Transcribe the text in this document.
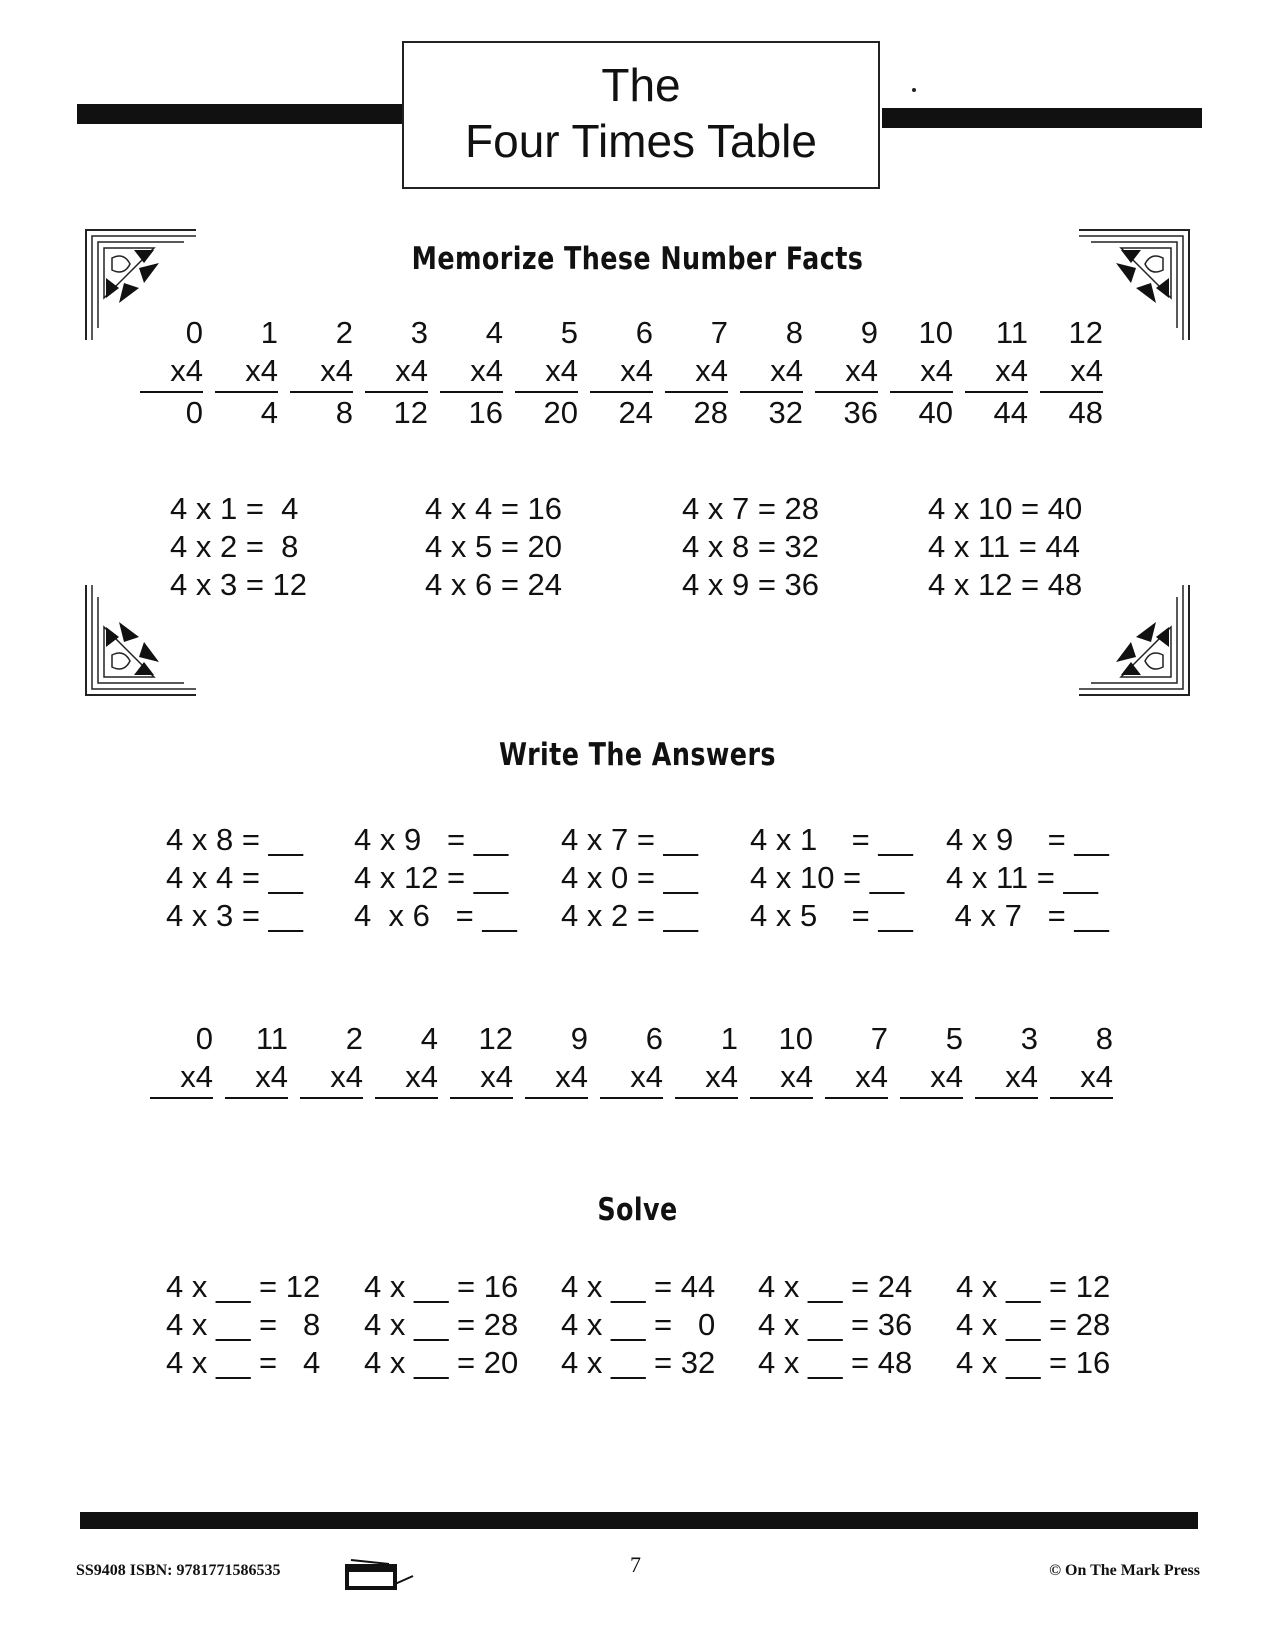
The
Four Times Table
Memorize These Number Facts
0
x4
0
1
x4
4
2
x4
8
3
x4
12
4
x4
16
5
x4
20
6
x4
24
7
x4
28
8
x4
32
9
x4
36
10
x4
40
11
x4
44
12
x4
48
4 x 1 =  4
4 x 2 =  8
4 x 3 = 12
4 x 4 = 16
4 x 5 = 20
4 x 6 = 24
4 x 7 = 28
4 x 8 = 32
4 x 9 = 36
4 x 10 = 40
4 x 11 = 44
4 x 12 = 48
Write The Answers
4 x 8 = __
4 x 4 = __
4 x 3 = __
4 x 9   = __
4 x 12 = __
4  x 6   = __
4 x 7 = __
4 x 0 = __
4 x 2 = __
4 x 1    = __
4 x 10 = __
4 x 5    = __
4 x 9    = __
4 x 11 = __
4 x 7   = __
0
x4
11
x4
2
x4
4
x4
12
x4
9
x4
6
x4
1
x4
10
x4
7
x4
5
x4
3
x4
8
x4
Solve
4 x __ = 12
4 x __ =   8
4 x __ =   4
4 x __ = 16
4 x __ = 28
4 x __ = 20
4 x __ = 44
4 x __ =   0
4 x __ = 32
4 x __ = 24
4 x __ = 36
4 x __ = 48
4 x __ = 12
4 x __ = 28
4 x __ = 16
SS9408 ISBN: 9781771586535	7	© On The Mark Press
